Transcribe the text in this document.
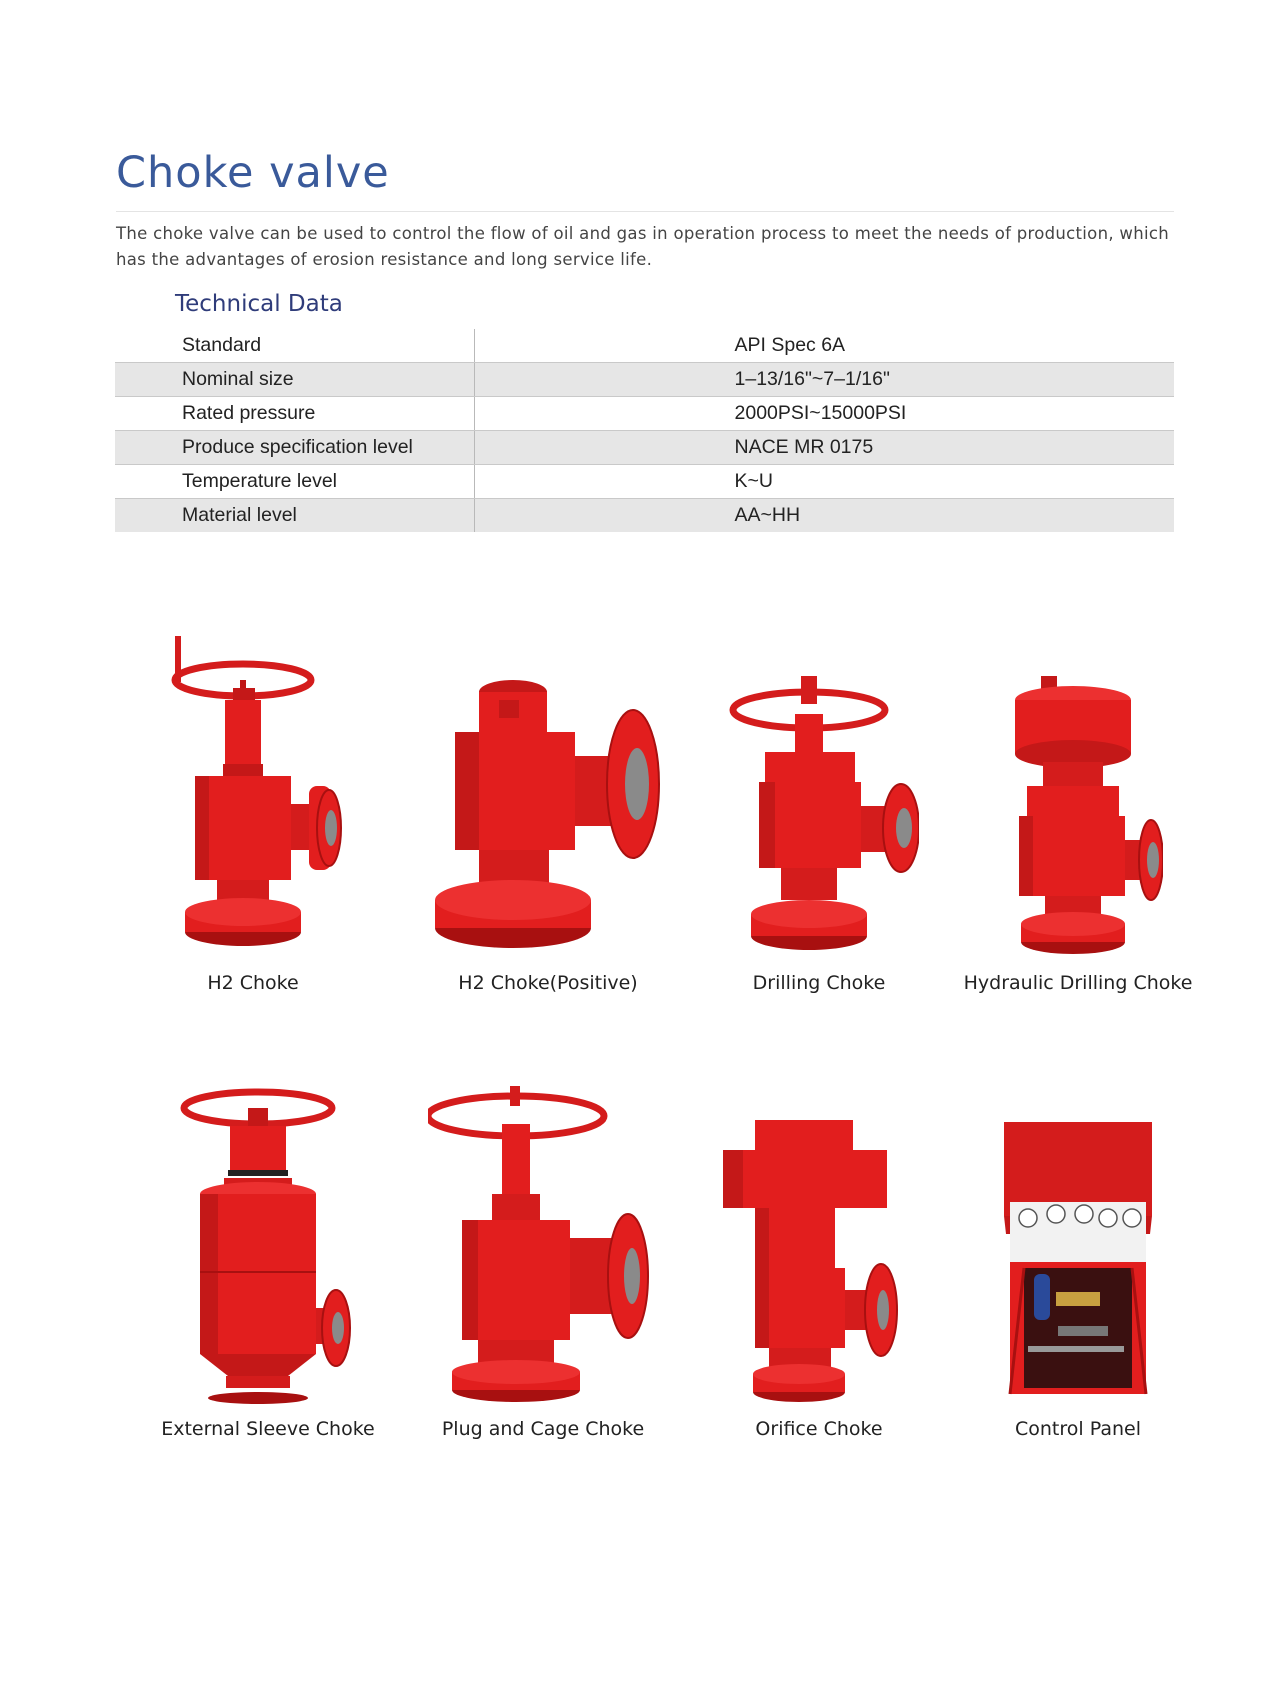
Choke valve

The choke valve can be used to control the flow of oil and gas in operation process to meet the needs of production, which has the advantages of erosion resistance and long service life.

Technical Data
Standard	API Spec 6A
Nominal size	1–13/16"~7–1/16"
Rated pressure	2000PSI~15000PSI
Produce specification level	NACE MR 0175
Temperature level	K~U
Material level	AA~HH
H2 Choke	H2 Choke(Positive)	Drilling Choke	Hydraulic Drilling Choke
External Sleeve Choke	Plug and Cage Choke	Orifice Choke	Control Panel
